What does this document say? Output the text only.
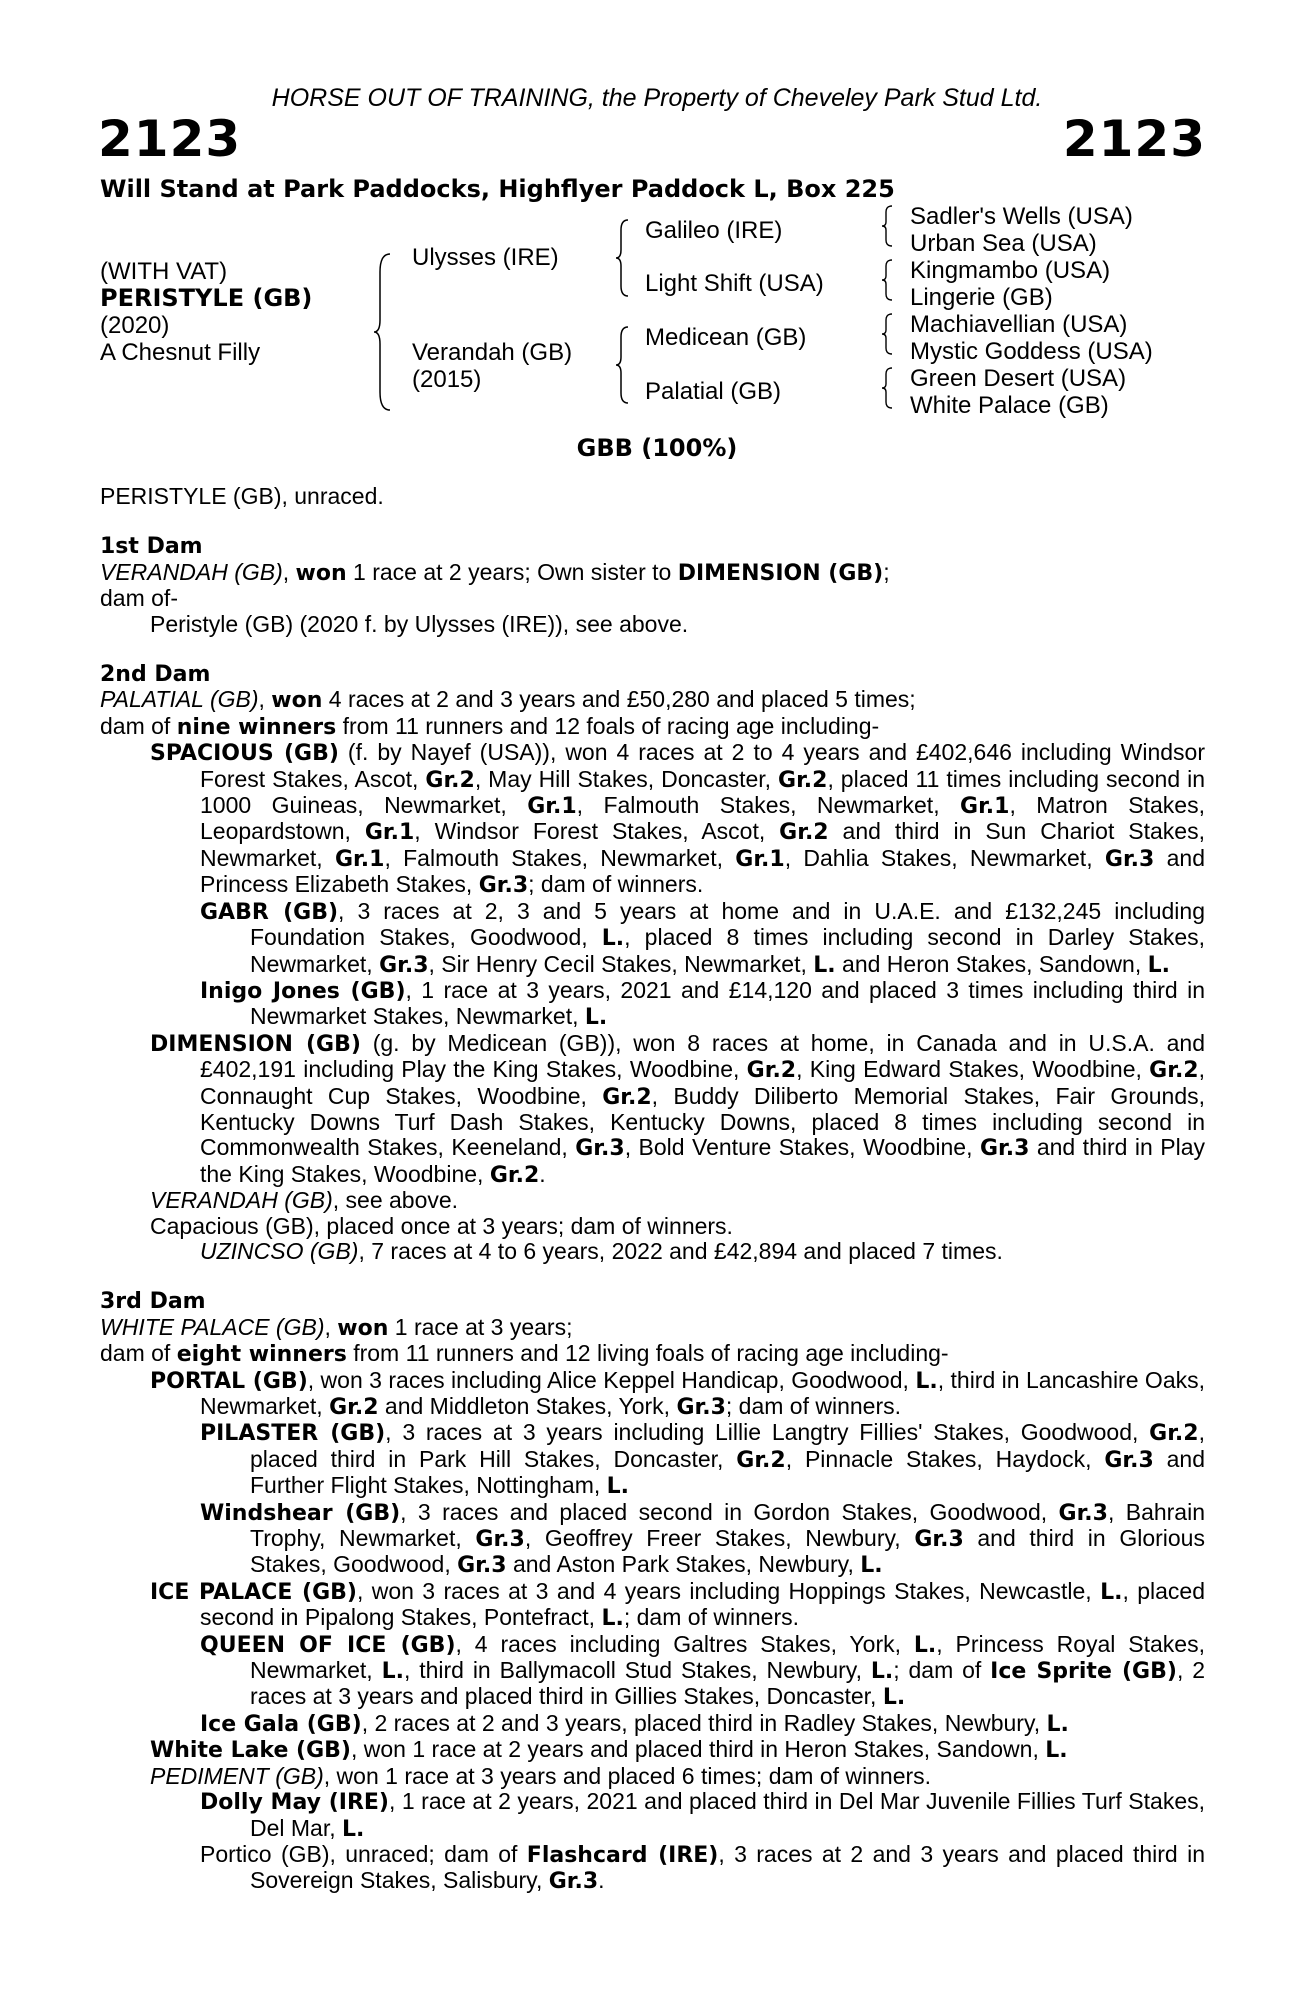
HORSE OUT OF TRAINING, the Property of Cheveley Park Stud Ltd.
2123	2123
Will Stand at Park Paddocks, Highflyer Paddock L, Box 225
(WITH VAT)
PERISTYLE (GB)
(2020)
A Chesnut Filly
Ulysses (IRE)
Verandah (GB)
(2015)
Galileo (IRE)
Light Shift (USA)
Medicean (GB)
Palatial (GB)
Sadler's Wells (USA)
Urban Sea (USA)
Kingmambo (USA)
Lingerie (GB)
Machiavellian (USA)
Mystic Goddess (USA)
Green Desert (USA)
White Palace (GB)
GBB (100%)

PERISTYLE (GB), unraced.

1st Dam

VERANDAH (GB), won 1 race at 2 years; Own sister to DIMENSION (GB);

dam of-

Peristyle (GB) (2020 f. by Ulysses (IRE)), see above.

2nd Dam

PALATIAL (GB), won 4 races at 2 and 3 years and £50,280 and placed 5 times;

dam of nine winners from 11 runners and 12 foals of racing age including-

SPACIOUS (GB) (f. by Nayef (USA)), won 4 races at 2 to 4 years and £402,646 including Windsor Forest Stakes, Ascot, Gr.2, May Hill Stakes, Doncaster, Gr.2, placed 11 times including second in 1000 Guineas, Newmarket, Gr.1, Falmouth Stakes, Newmarket, Gr.1, Matron Stakes, Leopardstown, Gr.1, Windsor Forest Stakes, Ascot, Gr.2 and third in Sun Chariot Stakes, Newmarket, Gr.1, Falmouth Stakes, Newmarket, Gr.1, Dahlia Stakes, Newmarket, Gr.3 and Princess Elizabeth Stakes, Gr.3; dam of winners.

GABR (GB), 3 races at 2, 3 and 5 years at home and in U.A.E. and £132,245 including Foundation Stakes, Goodwood, L., placed 8 times including second in Darley Stakes, Newmarket, Gr.3, Sir Henry Cecil Stakes, Newmarket, L. and Heron Stakes, Sandown, L.

Inigo Jones (GB), 1 race at 3 years, 2021 and £14,120 and placed 3 times including third in Newmarket Stakes, Newmarket, L.

DIMENSION (GB) (g. by Medicean (GB)), won 8 races at home, in Canada and in U.S.A. and £402,191 including Play the King Stakes, Woodbine, Gr.2, King Edward Stakes, Woodbine, Gr.2, Connaught Cup Stakes, Woodbine, Gr.2, Buddy Diliberto Memorial Stakes, Fair Grounds, Kentucky Downs Turf Dash Stakes, Kentucky Downs, placed 8 times including second in Commonwealth Stakes, Keeneland, Gr.3, Bold Venture Stakes, Woodbine, Gr.3 and third in Play the King Stakes, Woodbine, Gr.2.

VERANDAH (GB), see above.

Capacious (GB), placed once at 3 years; dam of winners.

UZINCSO (GB), 7 races at 4 to 6 years, 2022 and £42,894 and placed 7 times.

3rd Dam

WHITE PALACE (GB), won 1 race at 3 years;

dam of eight winners from 11 runners and 12 living foals of racing age including-

PORTAL (GB), won 3 races including Alice Keppel Handicap, Goodwood, L., third in Lancashire Oaks, Newmarket, Gr.2 and Middleton Stakes, York, Gr.3; dam of winners.

PILASTER (GB), 3 races at 3 years including Lillie Langtry Fillies' Stakes, Goodwood, Gr.2, placed third in Park Hill Stakes, Doncaster, Gr.2, Pinnacle Stakes, Haydock, Gr.3 and Further Flight Stakes, Nottingham, L.

Windshear (GB), 3 races and placed second in Gordon Stakes, Goodwood, Gr.3, Bahrain Trophy, Newmarket, Gr.3, Geoffrey Freer Stakes, Newbury, Gr.3 and third in Glorious Stakes, Goodwood, Gr.3 and Aston Park Stakes, Newbury, L.

ICE PALACE (GB), won 3 races at 3 and 4 years including Hoppings Stakes, Newcastle, L., placed second in Pipalong Stakes, Pontefract, L.; dam of winners.

QUEEN OF ICE (GB), 4 races including Galtres Stakes, York, L., Princess Royal Stakes, Newmarket, L., third in Ballymacoll Stud Stakes, Newbury, L.; dam of Ice Sprite (GB), 2 races at 3 years and placed third in Gillies Stakes, Doncaster, L.

Ice Gala (GB), 2 races at 2 and 3 years, placed third in Radley Stakes, Newbury, L.

White Lake (GB), won 1 race at 2 years and placed third in Heron Stakes, Sandown, L.

PEDIMENT (GB), won 1 race at 3 years and placed 6 times; dam of winners.

Dolly May (IRE), 1 race at 2 years, 2021 and placed third in Del Mar Juvenile Fillies Turf Stakes, Del Mar, L.

Portico (GB), unraced; dam of Flashcard (IRE), 3 races at 2 and 3 years and placed third in Sovereign Stakes, Salisbury, Gr.3.
